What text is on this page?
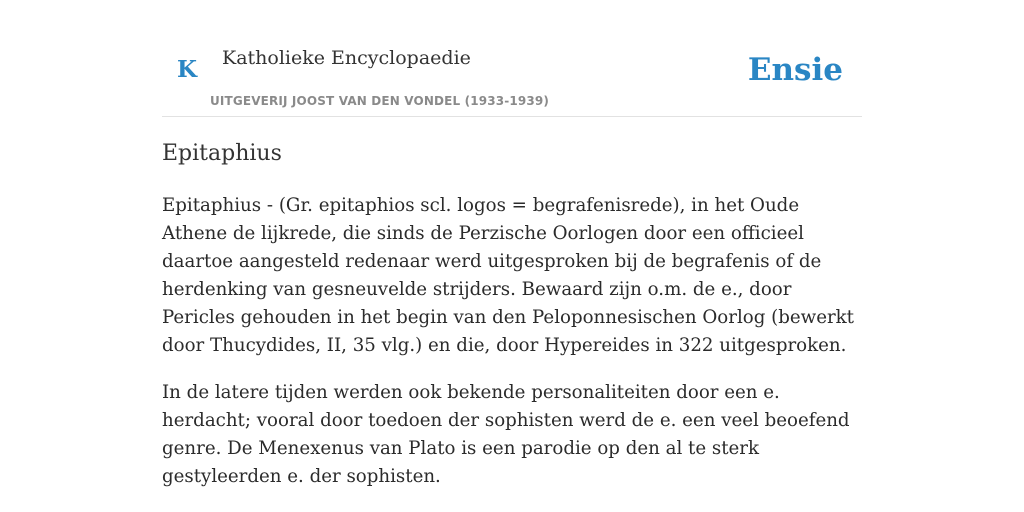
K Katholieke Encyclopaedie
UITGEVERIJ JOOST VAN DEN VONDEL (1933-1939)
Ensie
Epitaphius

Epitaphius - (Gr. epitaphios scl. logos = begrafenisrede), in het Oude Athene de lijkrede, die sinds de Perzische Oorlogen door een officieel daartoe aangesteld redenaar werd uitgesproken bij de begrafenis of de herdenking van gesneuvelde strijders. Bewaard zijn o.m. de e., door Pericles gehouden in het begin van den Peloponnesischen Oorlog (bewerkt door Thucydides, II, 35 vlg.) en die, door Hypereides in 322 uitgesproken.

In de latere tijden werden ook bekende personaliteiten door een e. herdacht; vooral door toedoen der sophisten werd de e. een veel beoefend genre. De Menexenus van Plato is een parodie op den al te sterk gestyleerden e. der sophisten.
